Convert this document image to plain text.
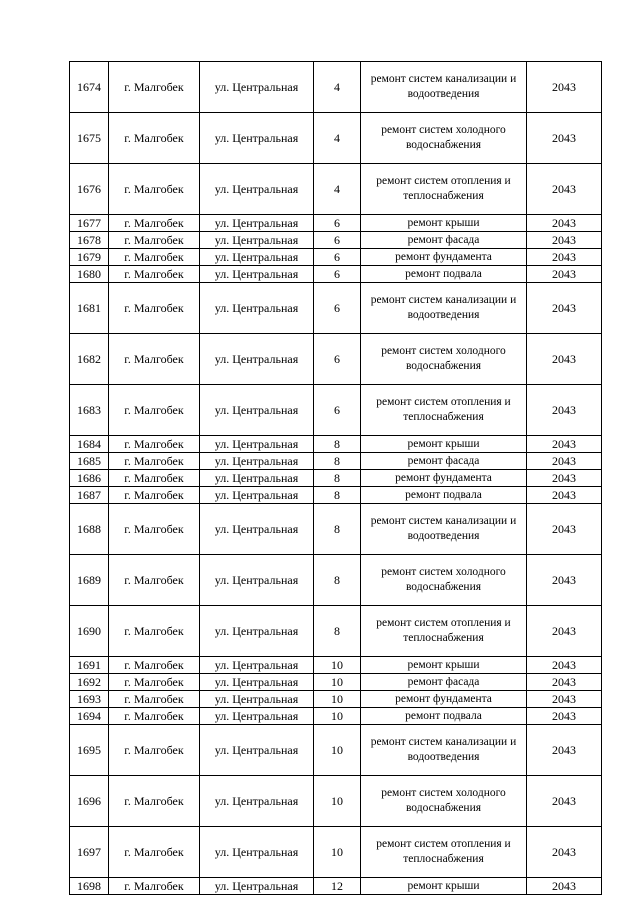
1674	г. Малгобек	ул. Центральная	4	ремонт систем канализации и водоотведения	2043
1675	г. Малгобек	ул. Центральная	4	ремонт систем холодного водоснабжения	2043
1676	г. Малгобек	ул. Центральная	4	ремонт систем отопления и теплоснабжения	2043
1677	г. Малгобек	ул. Центральная	6	ремонт крыши	2043
1678	г. Малгобек	ул. Центральная	6	ремонт фасада	2043
1679	г. Малгобек	ул. Центральная	6	ремонт фундамента	2043
1680	г. Малгобек	ул. Центральная	6	ремонт подвала	2043
1681	г. Малгобек	ул. Центральная	6	ремонт систем канализации и водоотведения	2043
1682	г. Малгобек	ул. Центральная	6	ремонт систем холодного водоснабжения	2043
1683	г. Малгобек	ул. Центральная	6	ремонт систем отопления и теплоснабжения	2043
1684	г. Малгобек	ул. Центральная	8	ремонт крыши	2043
1685	г. Малгобек	ул. Центральная	8	ремонт фасада	2043
1686	г. Малгобек	ул. Центральная	8	ремонт фундамента	2043
1687	г. Малгобек	ул. Центральная	8	ремонт подвала	2043
1688	г. Малгобек	ул. Центральная	8	ремонт систем канализации и водоотведения	2043
1689	г. Малгобек	ул. Центральная	8	ремонт систем холодного водоснабжения	2043
1690	г. Малгобек	ул. Центральная	8	ремонт систем отопления и теплоснабжения	2043
1691	г. Малгобек	ул. Центральная	10	ремонт крыши	2043
1692	г. Малгобек	ул. Центральная	10	ремонт фасада	2043
1693	г. Малгобек	ул. Центральная	10	ремонт фундамента	2043
1694	г. Малгобек	ул. Центральная	10	ремонт подвала	2043
1695	г. Малгобек	ул. Центральная	10	ремонт систем канализации и водоотведения	2043
1696	г. Малгобек	ул. Центральная	10	ремонт систем холодного водоснабжения	2043
1697	г. Малгобек	ул. Центральная	10	ремонт систем отопления и теплоснабжения	2043
1698	г. Малгобек	ул. Центральная	12	ремонт крыши	2043
